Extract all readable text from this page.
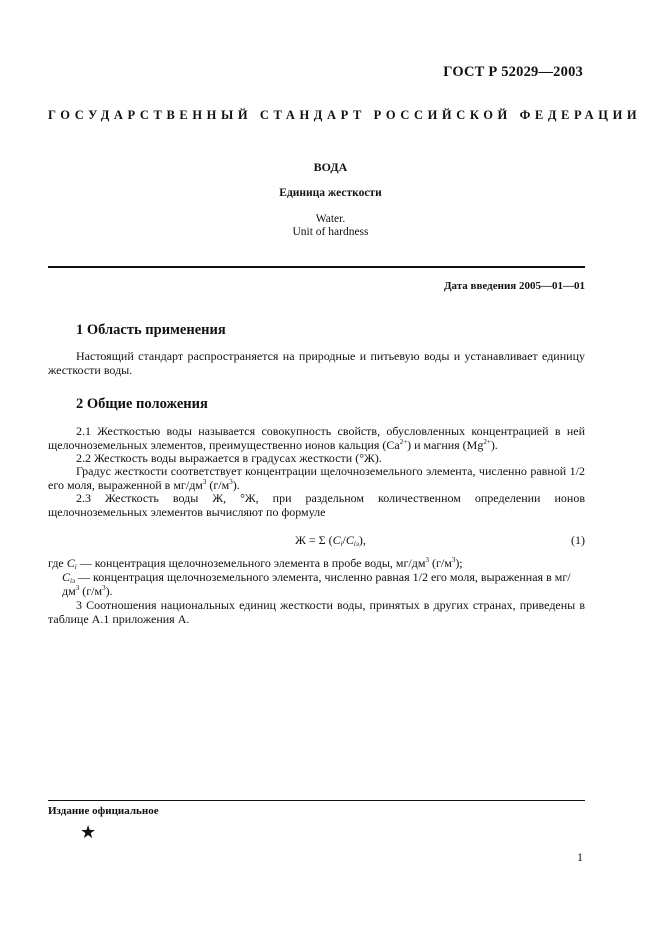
ГОСТ Р 52029—2003
ГОСУДАРСТВЕННЫЙ СТАНДАРТ РОССИЙСКОЙ ФЕДЕРАЦИИ
ВОДА
Единица жесткости
Water.
Unit of hardness
Дата введения 2005—01—01
1 Область применения
Настоящий стандарт распространяется на природные и питьевую воды и устанавливает единицу жесткости воды.
2 Общие положения
2.1 Жесткостью воды называется совокупность свойств, обусловленных концентрацией в ней щелочноземельных элементов, преимущественно ионов кальция $(Ca^{2+})$ и магния $(Mg^{2+})$.
2.2 Жесткость воды выражается в градусах жесткости (°Ж).
Градус жесткости соответствует концентрации щелочноземельного элемента, численно равной 1/2 его моля, выраженной в $мг/дм^3$ $(г/м^3)$.
2.3 Жесткость воды Ж, °Ж, при раздельном количественном определении ионов щелочноземельных элементов вычисляют по формуле
Ж = Σ $(C_i/C_{iэ})$,	(1)
где $C_i$ — концентрация щелочноземельного элемента в пробе воды, $мг/дм^3$ $(г/м^3)$;
$C_{iэ}$ — концентрация щелочноземельного элемента, численно равная 1/2 его моля, выраженная в $мг/дм^3$ $(г/м^3)$.
3 Соотношения национальных единиц жесткости воды, принятых в других странах, приведены в таблице А.1 приложения А.
Издание официальное
★
1
